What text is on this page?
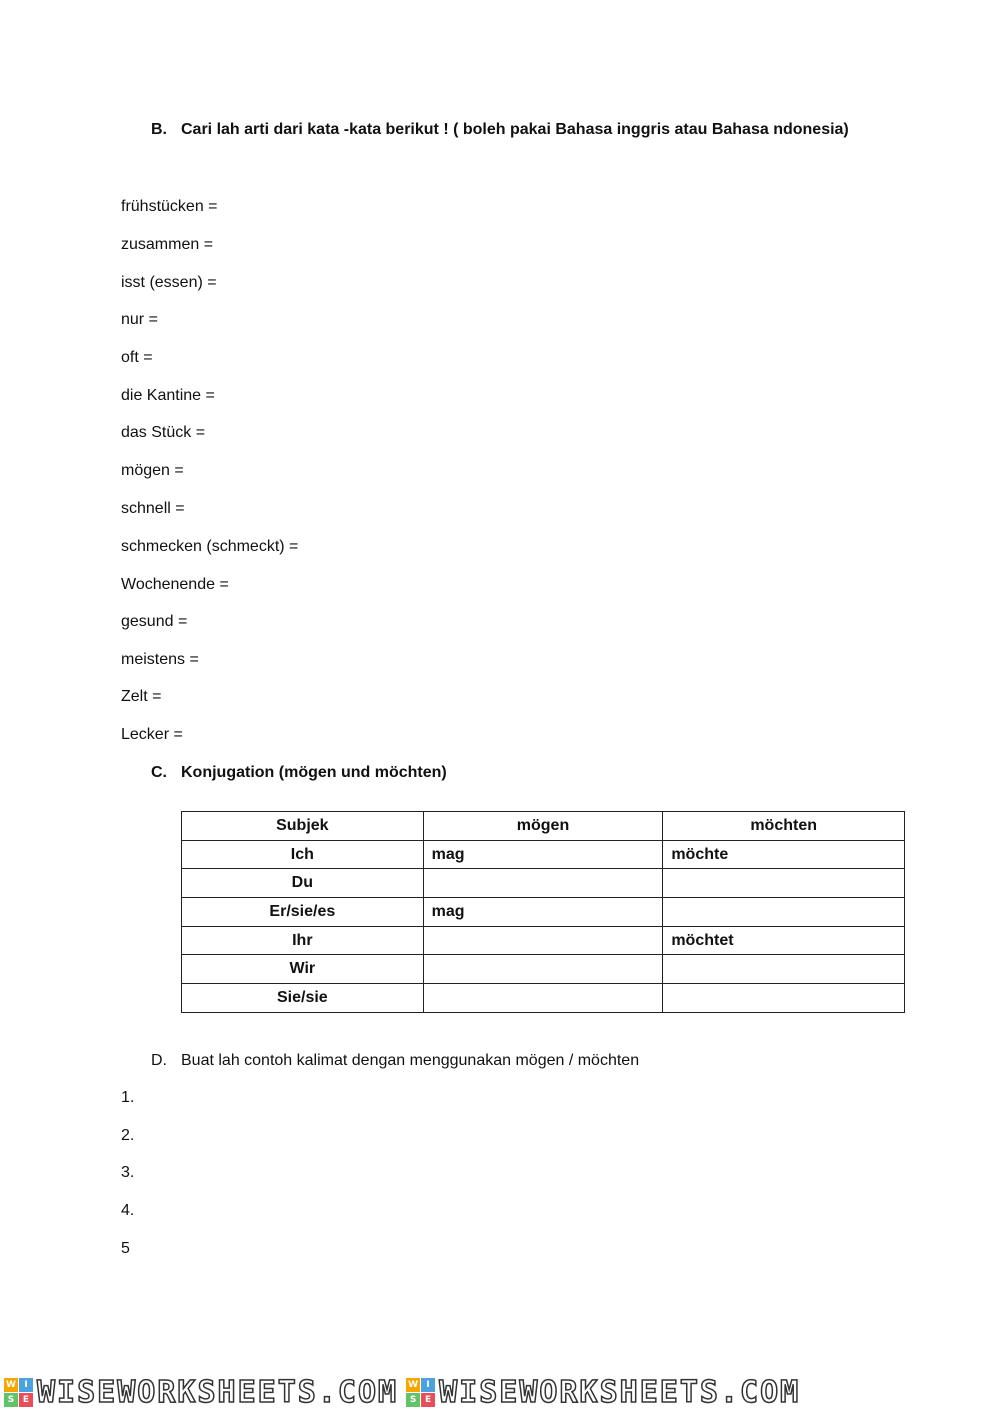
B. Cari lah arti dari kata -kata berikut ! ( boleh pakai Bahasa inggris atau Bahasa ndonesia)
frühstücken =
zusammen =
isst (essen) =
nur =
oft =
die Kantine =
das Stück =
mögen =
schnell =
schmecken (schmeckt) =
Wochenende =
gesund =
meistens =
Zelt =
Lecker =
C. Konjugation (mögen und möchten)
Subjek	mögen	möchten
Ich	mag	möchte
Du		
Er/sie/es	mag	
Ihr		möchtet
Wir		
Sie/sie		
D. Buat lah contoh kalimat dengan menggunakan mögen / möchten
1.
2.
3.
4.
5
W I
S E WISEWORKSHEETS.COM W I
S E WISEWORKSHEETS.COM
